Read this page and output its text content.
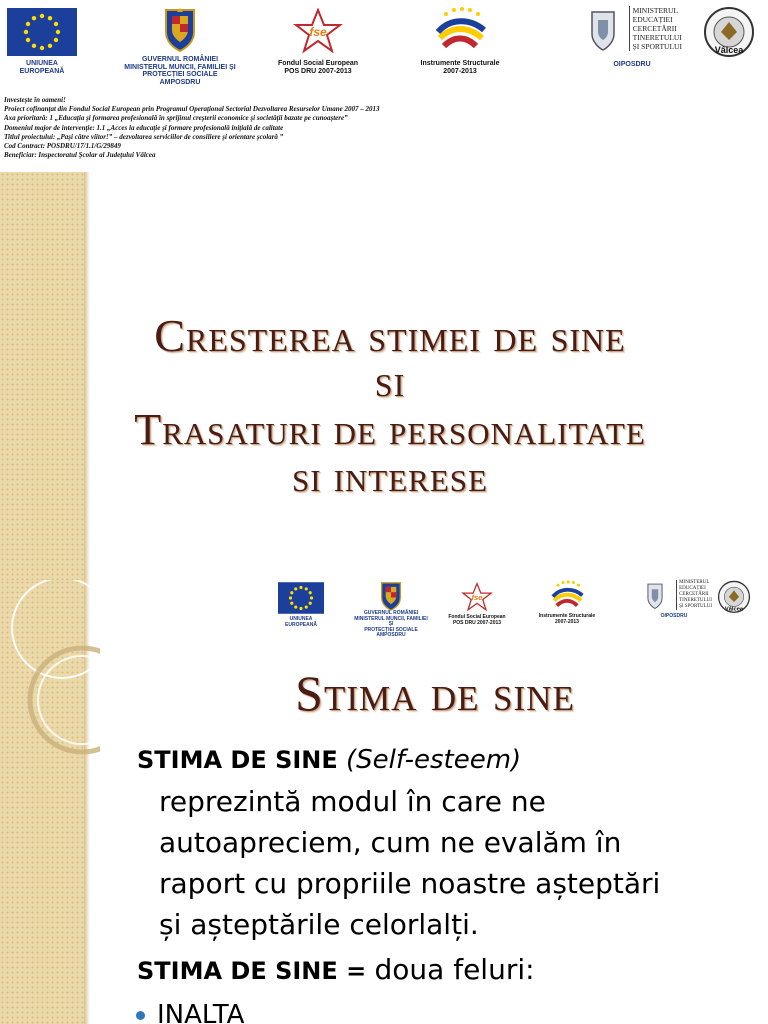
UNIUNEA EUROPEANĂ
GUVERNUL ROMÂNIEI
MINISTERUL MUNCII, FAMILIEI ȘI
PROTECȚIEI SOCIALE
AMPOSDRU
fse
Fondul Social European
POS DRU 2007-2013
Instrumente Structurale
2007-2013
MINISTERUL
EDUCAȚIEI
CERCETĂRII
TINERETULUI
ȘI SPORTULUI
OIPOSDRU
Vâlcea
Investește în oameni!
Proiect cofinanțat din Fondul Social European prin Programul Operațional Sectorial Dezvoltarea Resurselor Umane 2007 – 2013
Axa prioritară: 1 „Educația și formarea profesională în sprijinul creșterii economice și societății bazate pe cunoaștere”
Domeniul major de intervenție: 1.1 „Acces la educație și formare profesională inițială de calitate
Titlul proiectului: „Pași către viitor!” – dezvoltarea serviciilor de consiliere și orientare școlară ”
Cod Contract: POSDRU/17/1.1/G/29849
Beneficiar: Inspectoratul Școlar al Județului Vâlcea
Cresterea stimei de sine
si
Trasaturi de personalitate
si interese
UNIUNEA EUROPEANĂ
GUVERNUL ROMÂNIEI
MINISTERUL MUNCII, FAMILIEI ȘI
PROTECȚIEI SOCIALE
AMPOSDRU
fse
Fondul Social European
POS DRU 2007-2013
Instrumente Structurale
2007-2013
MINISTERUL
EDUCAȚIEI
CERCETĂRII
TINERETULUI
ȘI SPORTULUI
OIPOSDRU
Vâlcea
Stima de sine
STIMA DE SINE (Self-esteem)
reprezintă modul în care ne
autoapreciem, cum ne evalăm în
raport cu propriile noastre așteptări
și așteptările celorlalți.
STIMA DE SINE = doua feluri:
INALTA
